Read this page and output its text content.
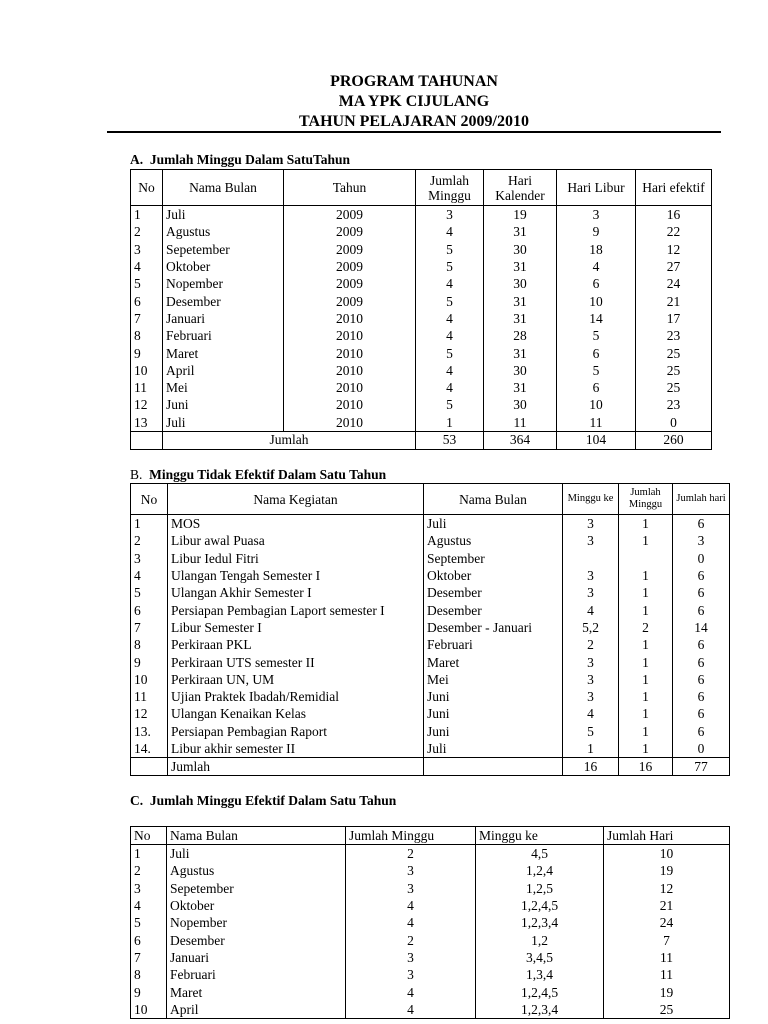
PROGRAM TAHUNAN
MA YPK CIJULANG
TAHUN PELAJARAN 2009/2010
A. Jumlah Minggu Dalam SatuTahun
No	Nama Bulan	Tahun	Jumlah Minggu	Hari Kalender	Hari Libur	Hari efektif
1	Juli	2009	3	19	3	16
2	Agustus	2009	4	31	9	22
3	Sepetember	2009	5	30	18	12
4	Oktober	2009	5	31	4	27
5	Nopember	2009	4	30	6	24
6	Desember	2009	5	31	10	21
7	Januari	2010	4	31	14	17
8	Februari	2010	4	28	5	23
9	Maret	2010	5	31	6	25
10	April	2010	4	30	5	25
11	Mei	2010	4	31	6	25
12	Juni	2010	5	30	10	23
13	Juli	2010	1	11	11	0
	Jumlah		53	364	104	260
B. Minggu Tidak Efektif Dalam Satu Tahun
No	Nama Kegiatan	Nama Bulan	Minggu ke	Jumlah Minggu	Jumlah hari
1	MOS	Juli	3	1	6
2	Libur awal Puasa	Agustus	3	1	3
3	Libur Iedul Fitri	September			0
4	Ulangan Tengah Semester I	Oktober	3	1	6
5	Ulangan Akhir Semester I	Desember	3	1	6
6	Persiapan Pembagian Laport semester I	Desember	4	1	6
7	Libur Semester I	Desember - Januari	5,2	2	14
8	Perkiraan PKL	Februari	2	1	6
9	Perkiraan UTS semester II	Maret	3	1	6
10	Perkiraan UN, UM	Mei	3	1	6
11	Ujian Praktek Ibadah/Remidial	Juni	3	1	6
12	Ulangan Kenaikan Kelas	Juni	4	1	6
13.	Persiapan Pembagian Raport	Juni	5	1	6
14.	Libur akhir semester II	Juli	1	1	0
	Jumlah		16	16	77
C. Jumlah Minggu Efektif Dalam Satu Tahun
No	Nama Bulan	Jumlah Minggu	Minggu ke	Jumlah Hari
1	Juli	2	4,5	10
2	Agustus	3	1,2,4	19
3	Sepetember	3	1,2,5	12
4	Oktober	4	1,2,4,5	21
5	Nopember	4	1,2,3,4	24
6	Desember	2	1,2	7
7	Januari	3	3,4,5	11
8	Februari	3	1,3,4	11
9	Maret	4	1,2,4,5	19
10	April	4	1,2,3,4	25
